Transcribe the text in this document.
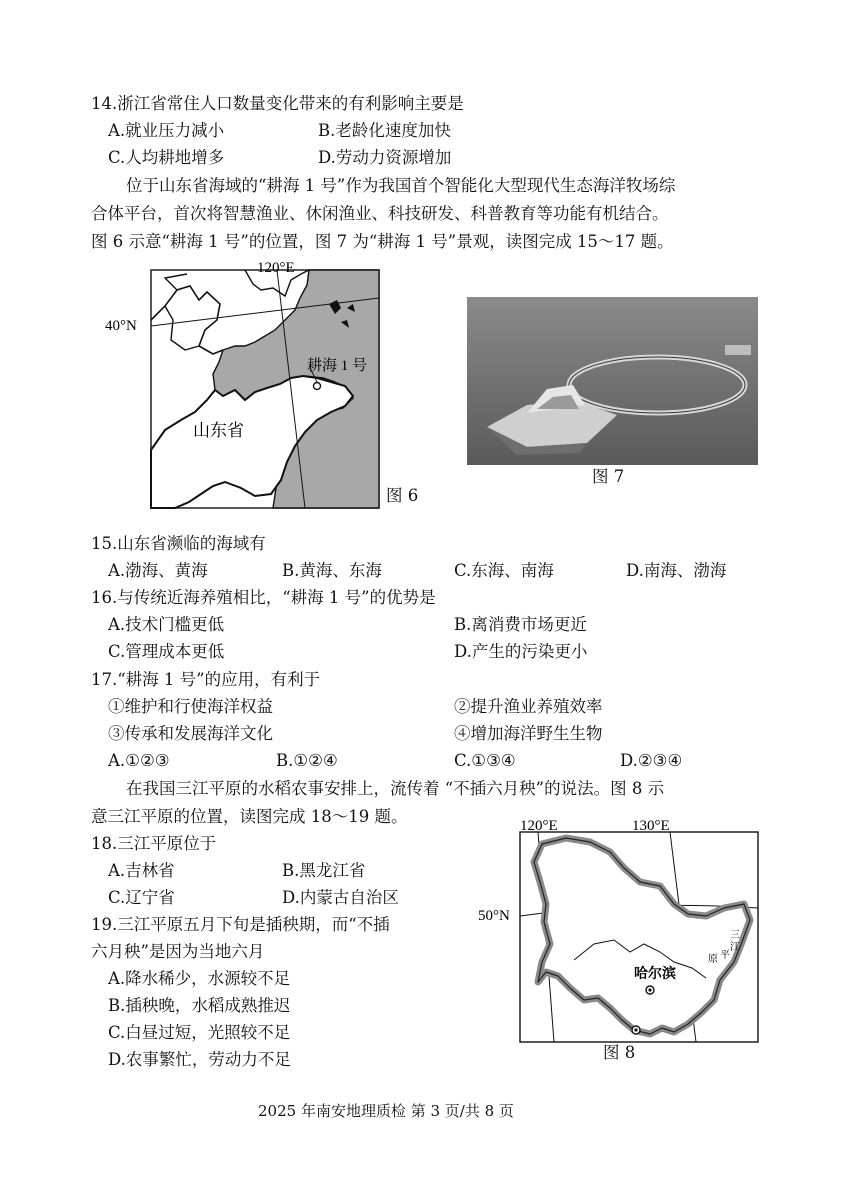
14.浙江省常住人口数量变化带来的有利影响主要是
A.就业压力减小	B.老龄化速度加快
C.人均耕地增多	D.劳动力资源增加
位于山东省海域的“耕海 1 号”作为我国首个智能化大型现代生态海洋牧场综
合体平台，首次将智慧渔业、休闲渔业、科技研发、科普教育等功能有机结合。
图 6 示意“耕海 1 号”的位置，图 7 为“耕海 1 号”景观，读图完成 15～17 题。
120°E
40°N
耕海 1 号
山东省
图 6
图 7
15.山东省濒临的海域有
A.渤海、黄海	B.黄海、东海	C.东海、南海	D.南海、渤海
16.与传统近海养殖相比，“耕海 1 号”的优势是
A.技术门槛更低	B.离消费市场更近
C.管理成本更低	D.产生的污染更小
17.“耕海 1 号”的应用，有利于
①维护和行使海洋权益	②提升渔业养殖效率
③传承和发展海洋文化	④增加海洋野生生物
A.①②③	B.①②④	C.①③④	D.②③④
在我国三江平原的水稻农事安排上，流传着 “不插六月秧”的说法。图 8 示
意三江平原的位置，读图完成 18～19 题。
18.三江平原位于
A.吉林省	B.黑龙江省
C.辽宁省	D.内蒙古自治区
19.三江平原五月下旬是插秧期，而“不插
六月秧”是因为当地六月
A.降水稀少，水源较不足
B.插秧晚，水稻成熟推迟
C.白昼过短，光照较不足
D.农事繁忙，劳动力不足
120°E	130°E
50°N
哈尔滨
三
江
平
原
图 8
2025 年南安地理质检 第 3 页/共 8 页
